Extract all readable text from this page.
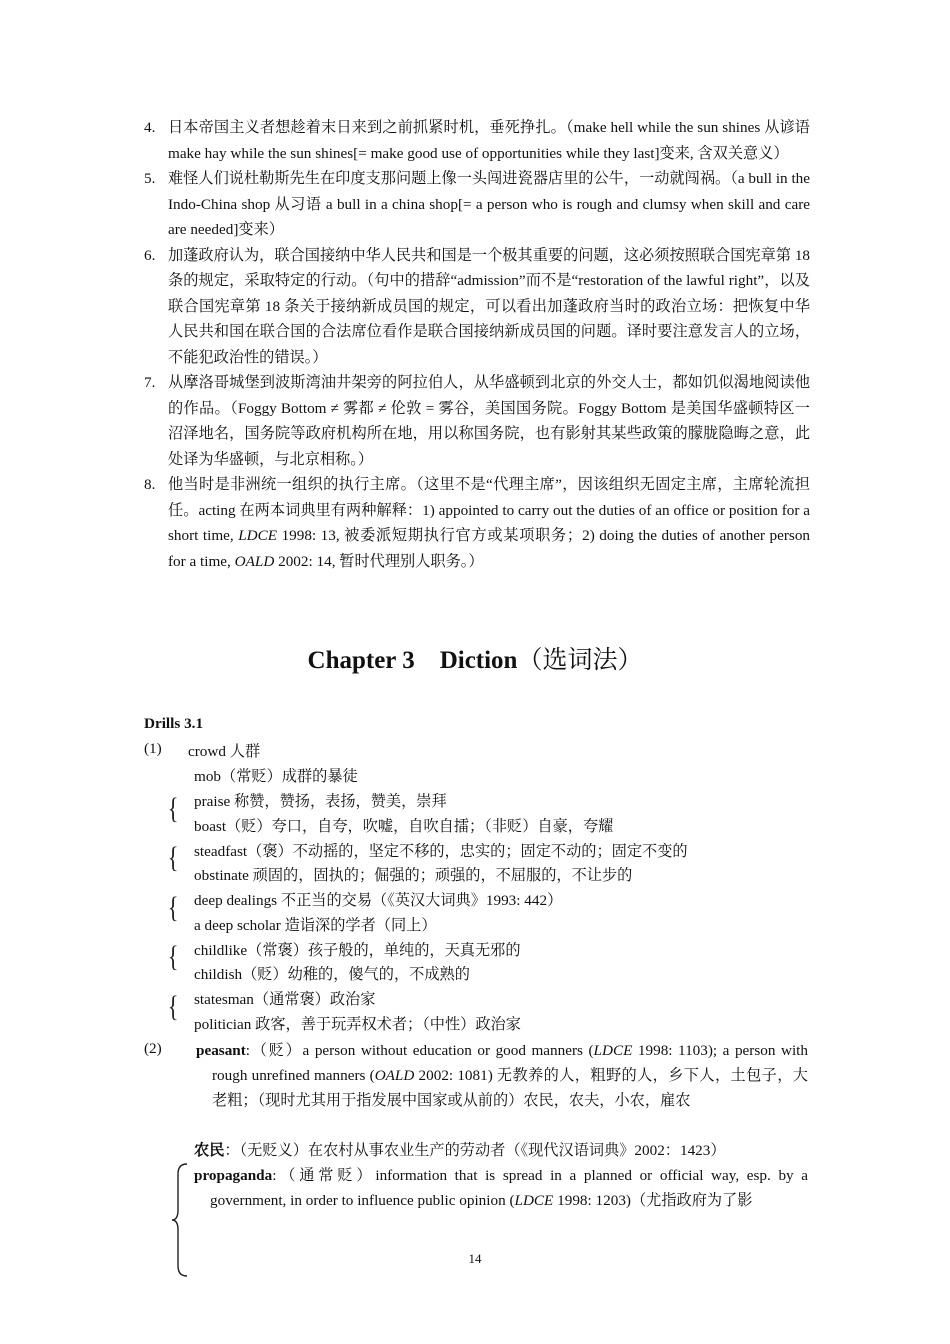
4. 日本帝国主义者想趁着末日来到之前抓紧时机，垂死挣扎。（make hell while the sun shines 从谚语 make hay while the sun shines[= make good use of opportunities while they last]变来, 含双关意义）
5. 难怪人们说杜勒斯先生在印度支那问题上像一头闯进瓷器店里的公牛，一动就闯祸。（a bull in the Indo-China shop 从习语 a bull in a china shop[= a person who is rough and clumsy when skill and care are needed]变来）
6. 加蓬政府认为，联合国接纳中华人民共和国是一个极其重要的问题，这必须按照联合国宪章第 18 条的规定，采取特定的行动。（句中的措辞“admission”而不是“restoration of the lawful right”，以及联合国宪章第 18 条关于接纳新成员国的规定，可以看出加蓬政府当时的政治立场：把恢复中华人民共和国在联合国的合法席位看作是联合国接纳新成员国的问题。译时要注意发言人的立场，不能犯政治性的错误。）
7. 从摩洛哥城堡到波斯湾油井架旁的阿拉伯人，从华盛顿到北京的外交人士，都如饥似渴地阅读他的作品。（Foggy Bottom ≠ 雾都 ≠ 伦敦 = 雾谷，美国国务院。Foggy Bottom 是美国华盛顿特区一沼泽地名，国务院等政府机构所在地，用以称国务院，也有影射其某些政策的朦胧隐晦之意，此处译为华盛顿，与北京相称。）
8. 他当时是非洲统一组织的执行主席。（这里不是“代理主席”，因该组织无固定主席，主席轮流担任。acting 在两本词典里有两种解释：1) appointed to carry out the duties of an office or position for a short time, LDCE 1998: 13, 被委派短期执行官方或某项职务；2) doing the duties of another person for a time, OALD 2002: 14, 暂时代理别人职务。）
Chapter 3　Diction（选词法）
Drills 3.1
(1) crowd 人群
mob（常贬）成群的暴徒
{ praise 称赞，赞扬，表扬，赞美，崇拜
boast（贬）夸口，自夸，吹嘘，自吹自擂；（非贬）自豪，夸耀
{ steadfast（褒）不动摇的，坚定不移的，忠实的；固定不动的；固定不变的
obstinate 顽固的，固执的；倔强的；顽强的，不屈服的，不让步的
{ deep dealings 不正当的交易（《英汉大词典》1993: 442）
a deep scholar 造诣深的学者（同上）
{ childlike（常褒）孩子般的，单纯的，天真无邪的
childish（贬）幼稚的，傻气的，不成熟的
{ statesman（通常褒）政治家
politician 政客，善于玩弄权术者；（中性）政治家
(2) peasant:（贬）a person without education or good manners (LDCE 1998: 1103); a person with rough unrefined manners (OALD 2002: 1081) 无教养的人，粗野的人，乡下人，土包子，大老粗；（现时尤其用于指发展中国家或从前的）农民，农夫，小农，雇农
农民：（无贬义）在农村从事农业生产的劳动者（《现代汉语词典》2002：1423）
propaganda:（通常贬）information that is spread in a planned or official way, esp. by a government, in order to influence public opinion (LDCE 1998: 1203)（尤指政府为了影
14
